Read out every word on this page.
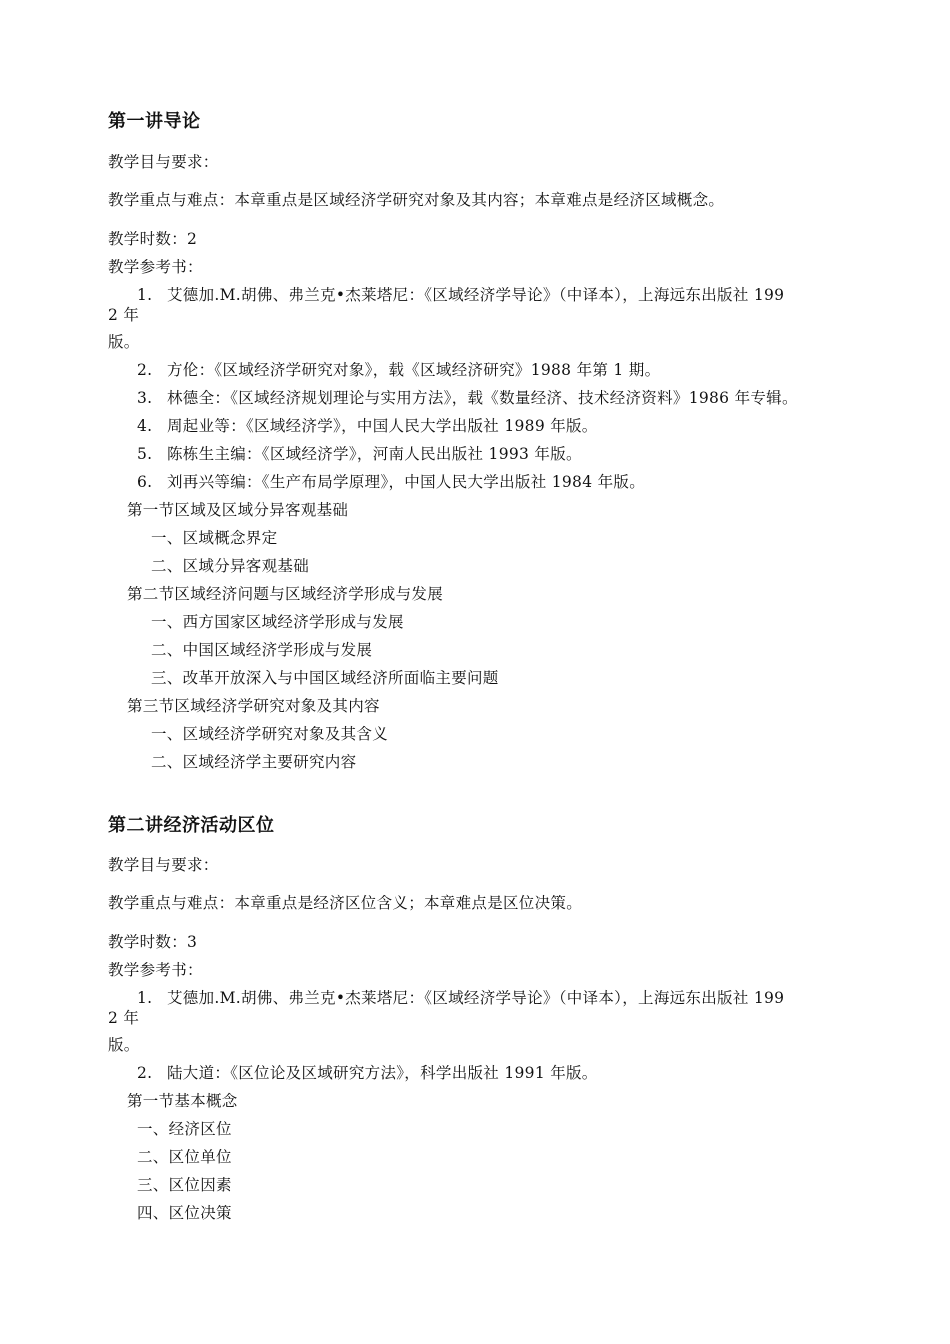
第一讲导论
教学目与要求：
教学重点与难点：本章重点是区域经济学研究对象及其内容；本章难点是经济区域概念。
教学时数：2
教学参考书：
1. 艾德加.M.胡佛、弗兰克•杰莱塔尼：《区域经济学导论》（中译本），上海远东出版社 199
2 年
版。
2. 方伦：《区域经济学研究对象》，载《区域经济研究》1988 年第 1 期。
3. 林德全：《区域经济规划理论与实用方法》，载《数量经济、技术经济资料》1986 年专辑。
4. 周起业等：《区域经济学》，中国人民大学出版社 1989 年版。
5. 陈栋生主编：《区域经济学》，河南人民出版社 1993 年版。
6. 刘再兴等编：《生产布局学原理》，中国人民大学出版社 1984 年版。
第一节区域及区域分异客观基础
一、区域概念界定
二、区域分异客观基础
第二节区域经济问题与区域经济学形成与发展
一、西方国家区域经济学形成与发展
二、中国区域经济学形成与发展
三、改革开放深入与中国区域经济所面临主要问题
第三节区域经济学研究对象及其内容
一、区域经济学研究对象及其含义
二、区域经济学主要研究内容
第二讲经济活动区位
教学目与要求：
教学重点与难点：本章重点是经济区位含义；本章难点是区位决策。
教学时数：3
教学参考书：
1. 艾德加.M.胡佛、弗兰克•杰莱塔尼：《区域经济学导论》（中译本），上海远东出版社 199
2 年
版。
2. 陆大道：《区位论及区域研究方法》，科学出版社 1991 年版。
第一节基本概念
一、经济区位
二、区位单位
三、区位因素
四、区位决策
